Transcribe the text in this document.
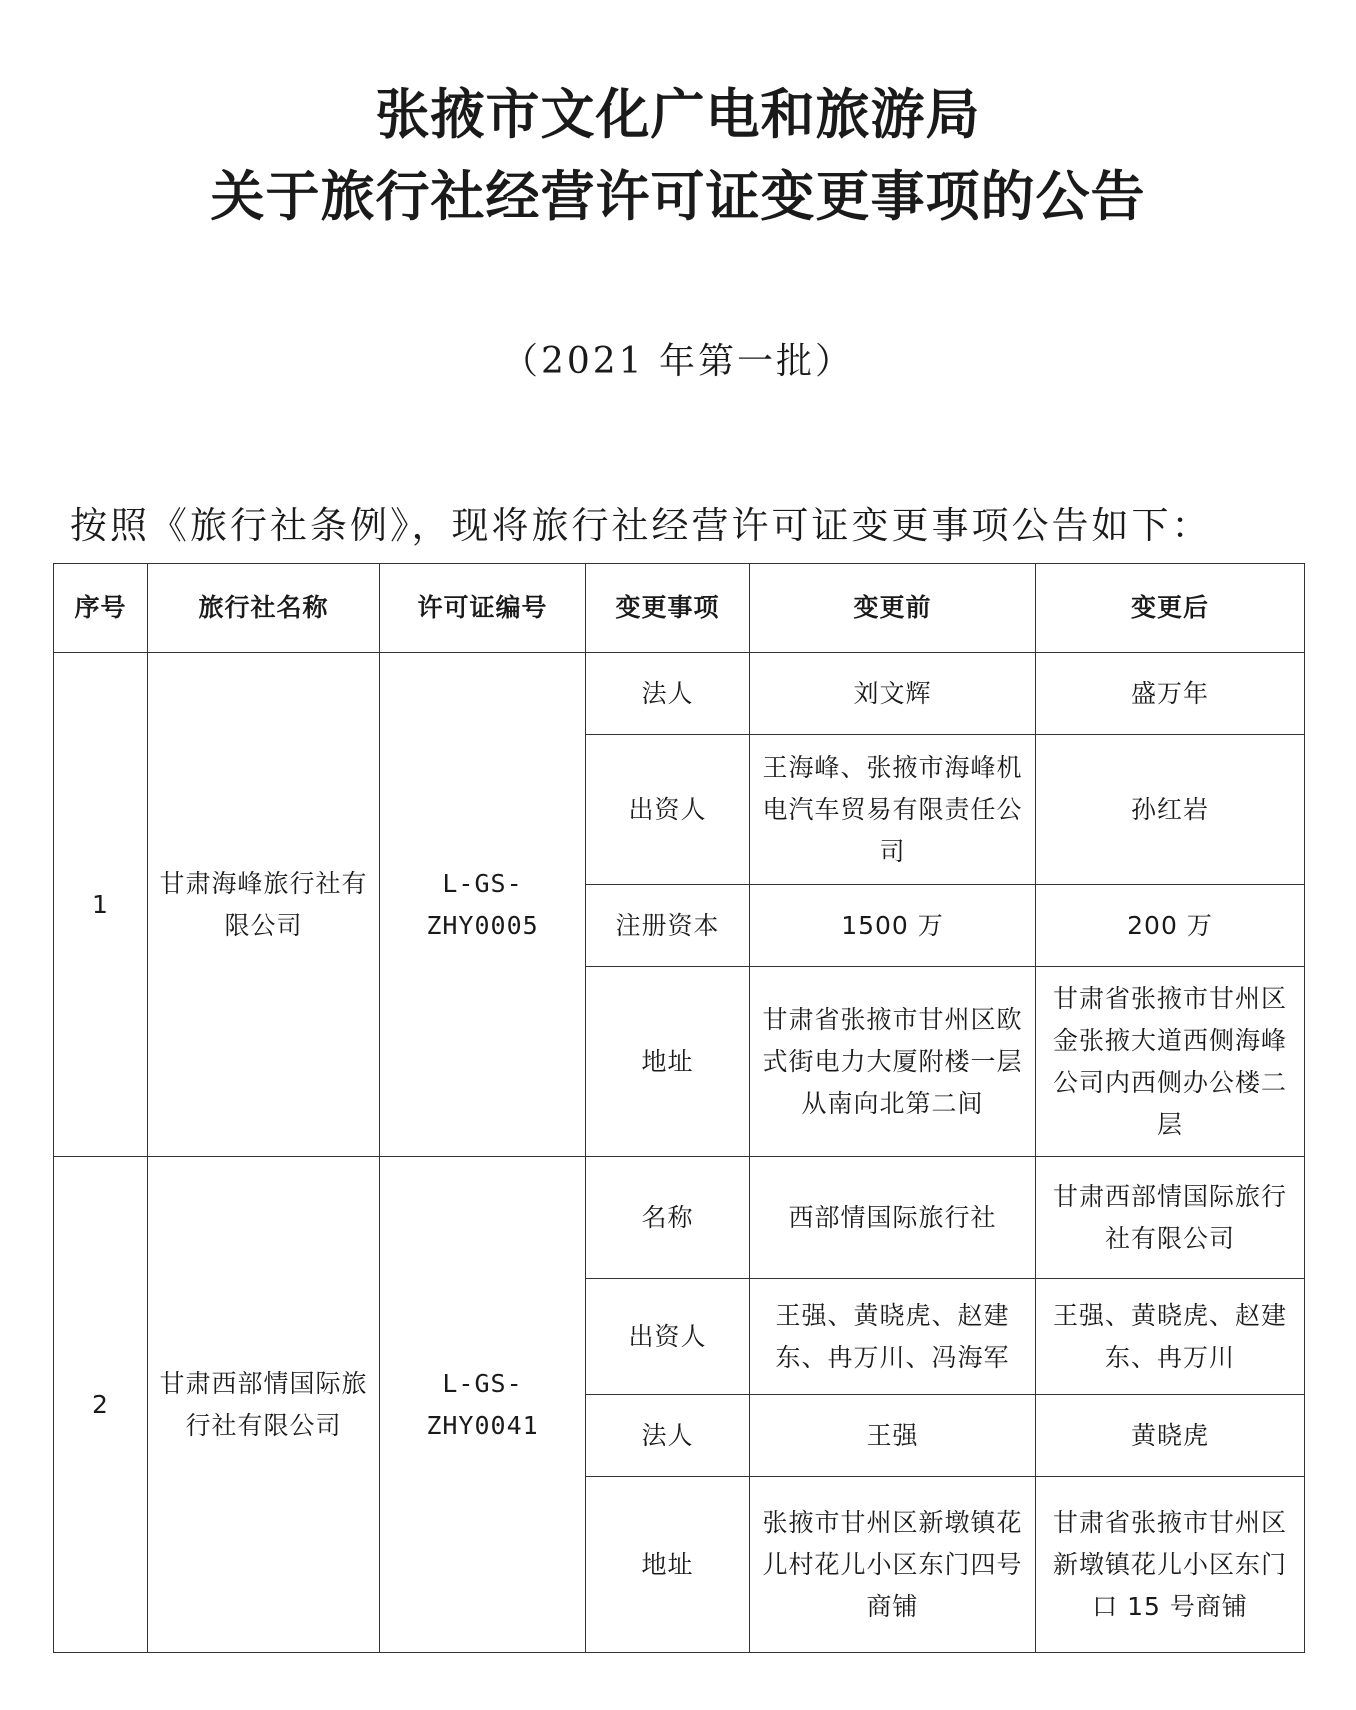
张掖市文化广电和旅游局
关于旅行社经营许可证变更事项的公告
（2021 年第一批）
按照《旅行社条例》，现将旅行社经营许可证变更事项公告如下：
序号	旅行社名称	许可证编号	变更事项	变更前	变更后
1	甘肃海峰旅行社有限公司	L-GS-ZHY0005	法人	刘文辉	盛万年
			出资人	王海峰、张掖市海峰机电汽车贸易有限责任公司	孙红岩
			注册资本	1500 万	200 万
			地址	甘肃省张掖市甘州区欧式街电力大厦附楼一层从南向北第二间	甘肃省张掖市甘州区金张掖大道西侧海峰公司内西侧办公楼二层
2	甘肃西部情国际旅行社有限公司	L-GS-ZHY0041	名称	西部情国际旅行社	甘肃西部情国际旅行社有限公司
			出资人	王强、黄晓虎、赵建东、冉万川、冯海军	王强、黄晓虎、赵建东、冉万川
			法人	王强	黄晓虎
			地址	张掖市甘州区新墩镇花儿村花儿小区东门四号商铺	甘肃省张掖市甘州区新墩镇花儿小区东门口 15 号商铺
